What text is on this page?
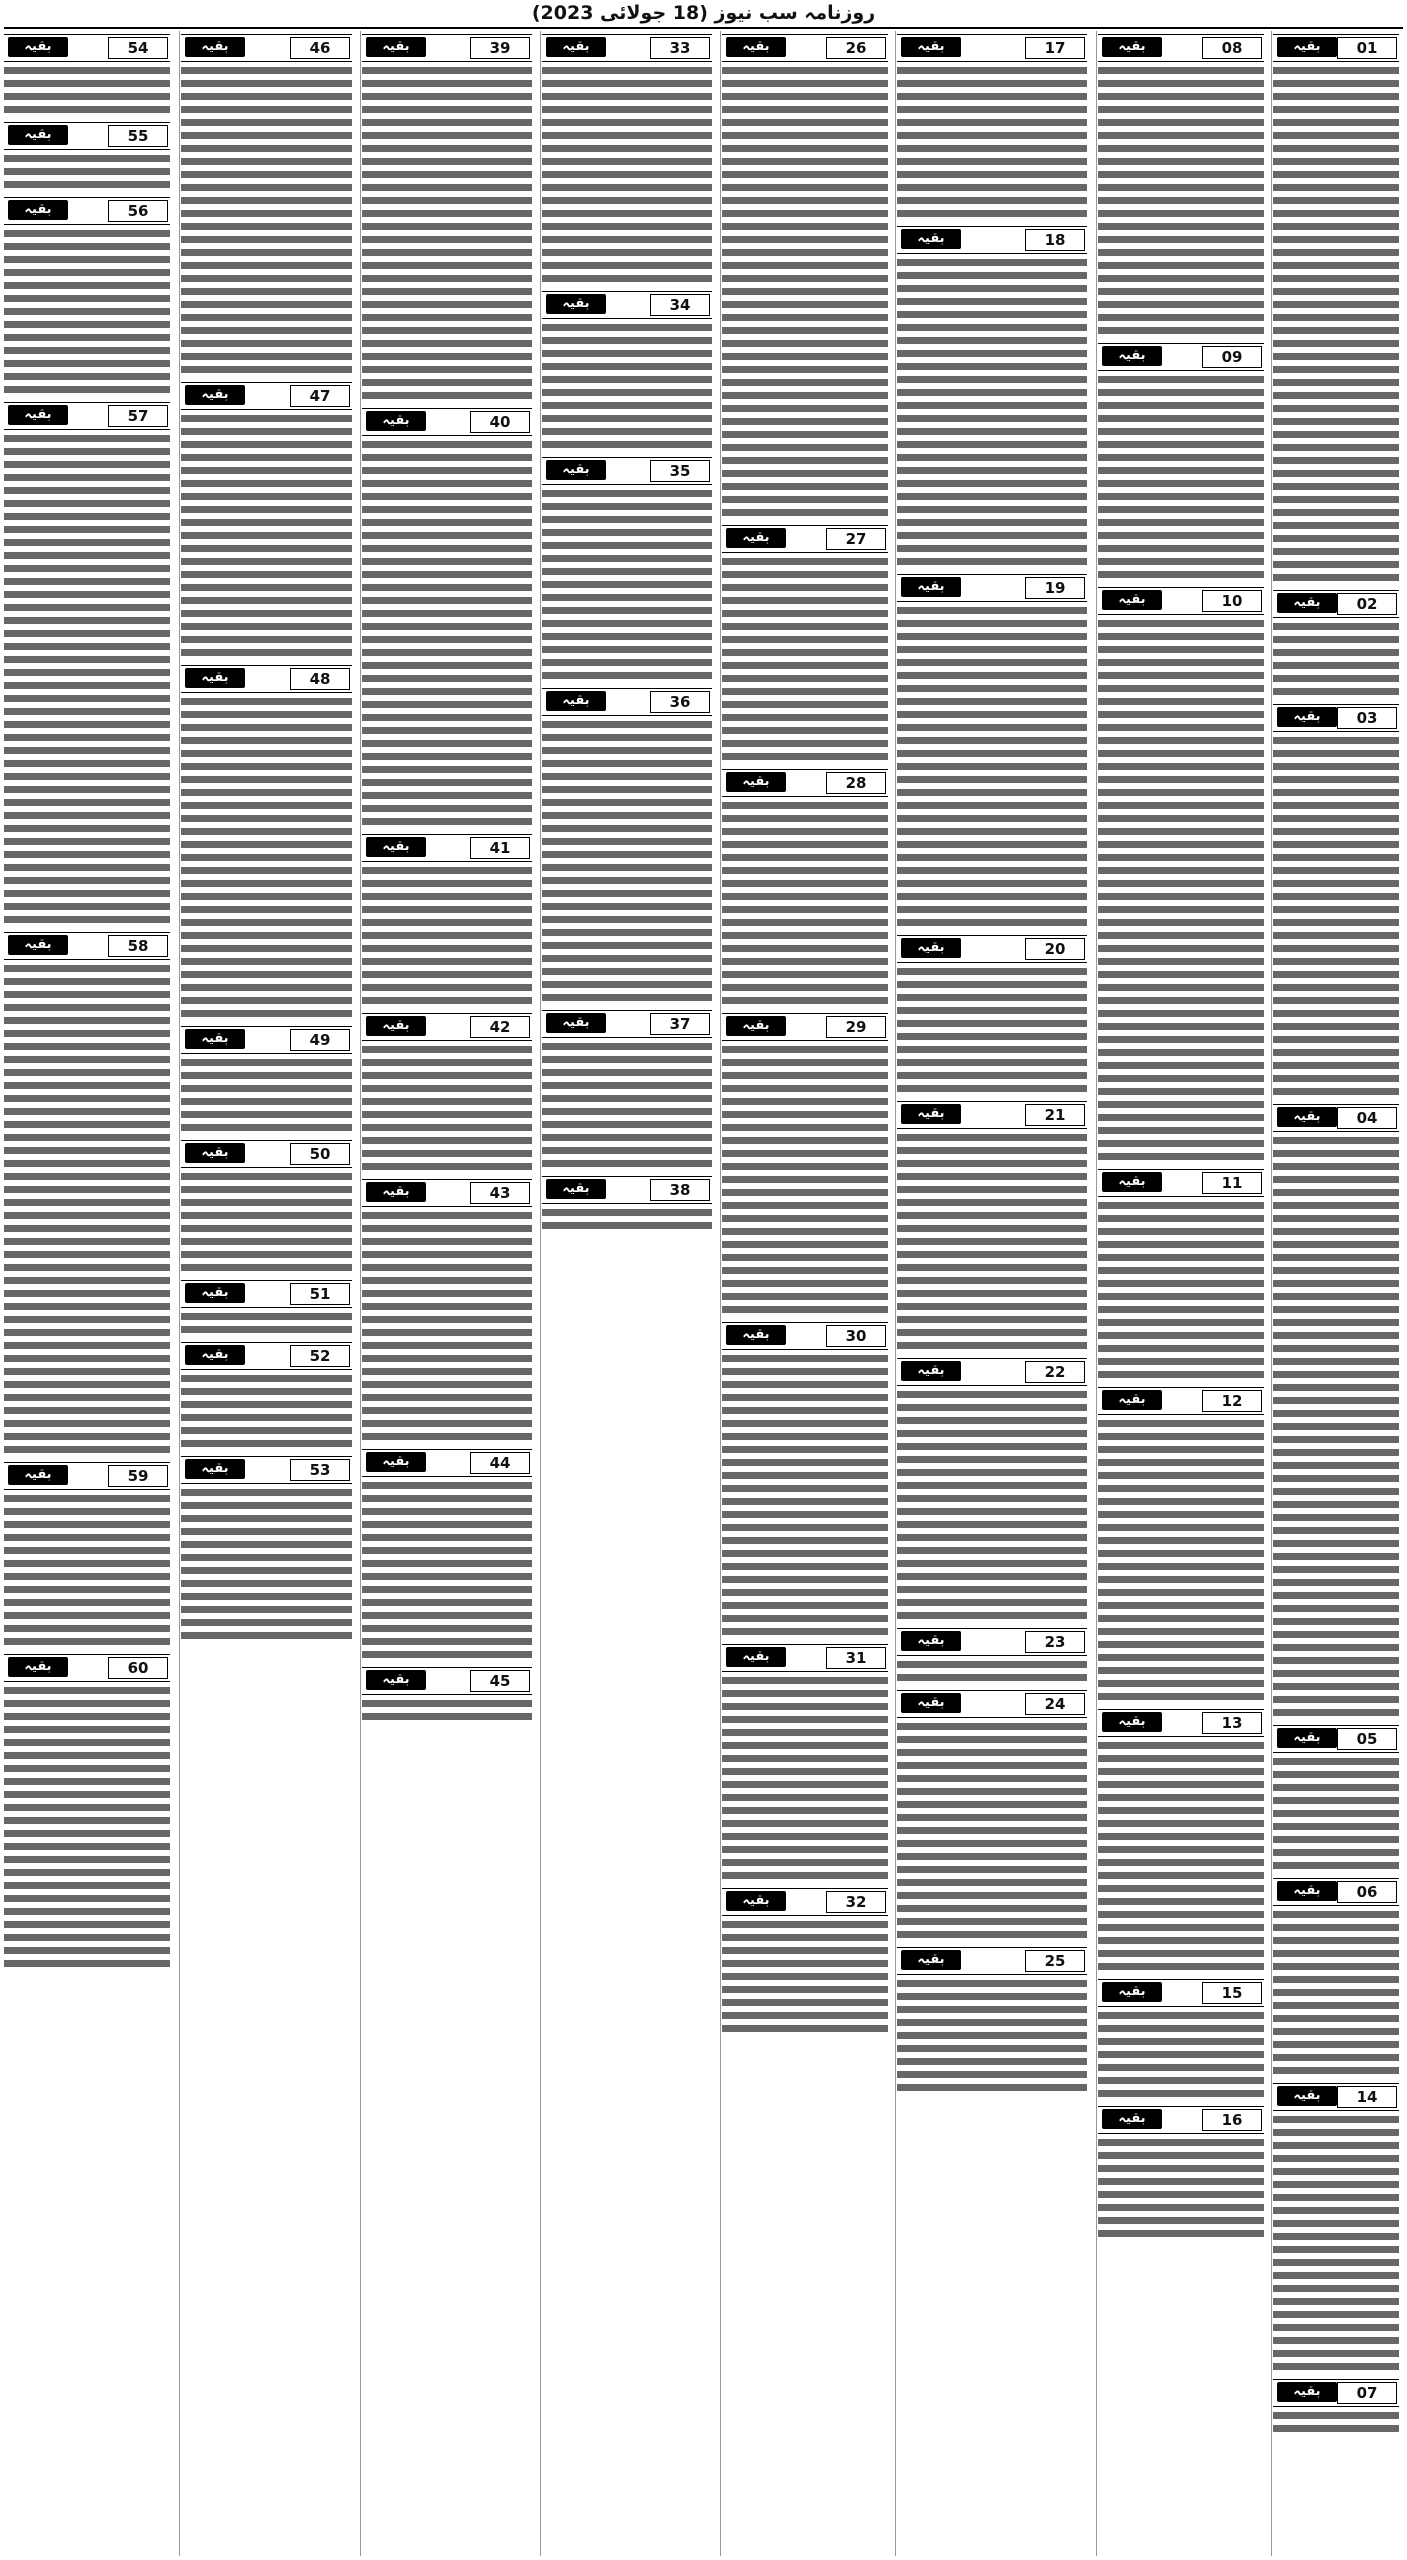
روزنامہ سب نیوز (18 جولائی 2023)
01
بقیہ
02
بقیہ
03
بقیہ
04
بقیہ
05
بقیہ
06
بقیہ
14
بقیہ
07
بقیہ
08
بقیہ
09
بقیہ
10
بقیہ
11
بقیہ
12
بقیہ
13
بقیہ
15
بقیہ
16
بقیہ
17
بقیہ
18
بقیہ
19
بقیہ
20
بقیہ
21
بقیہ
22
بقیہ
23
بقیہ
24
بقیہ
25
بقیہ
26
بقیہ
27
بقیہ
28
بقیہ
29
بقیہ
30
بقیہ
31
بقیہ
32
بقیہ
33
بقیہ
34
بقیہ
35
بقیہ
36
بقیہ
37
بقیہ
38
بقیہ
39
بقیہ
40
بقیہ
41
بقیہ
42
بقیہ
43
بقیہ
44
بقیہ
45
بقیہ
46
بقیہ
47
بقیہ
48
بقیہ
49
بقیہ
50
بقیہ
51
بقیہ
52
بقیہ
53
بقیہ
54
بقیہ
55
بقیہ
56
بقیہ
57
بقیہ
58
بقیہ
59
بقیہ
60
بقیہ
